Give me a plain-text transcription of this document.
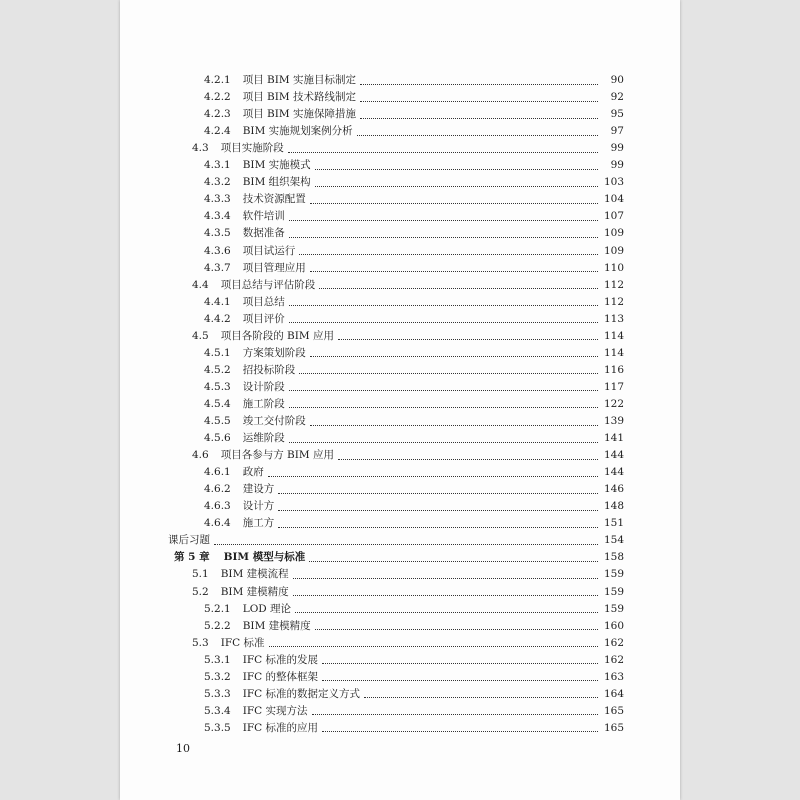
4.2.1 项目 BIM 实施目标制定	90
4.2.2 项目 BIM 技术路线制定	92
4.2.3 项目 BIM 实施保障措施	95
4.2.4 BIM 实施规划案例分析	97
4.3 项目实施阶段	99
4.3.1 BIM 实施模式	99
4.3.2 BIM 组织架构	103
4.3.3 技术资源配置	104
4.3.4 软件培训	107
4.3.5 数据准备	109
4.3.6 项目试运行	109
4.3.7 项目管理应用	110
4.4 项目总结与评估阶段	112
4.4.1 项目总结	112
4.4.2 项目评价	113
4.5 项目各阶段的 BIM 应用	114
4.5.1 方案策划阶段	114
4.5.2 招投标阶段	116
4.5.3 设计阶段	117
4.5.4 施工阶段	122
4.5.5 竣工交付阶段	139
4.5.6 运维阶段	141
4.6 项目各参与方 BIM 应用	144
4.6.1 政府	144
4.6.2 建设方	146
4.6.3 设计方	148
4.6.4 施工方	151
课后习题	154
第 5 章 BIM 模型与标准	158
5.1 BIM 建模流程	159
5.2 BIM 建模精度	159
5.2.1 LOD 理论	159
5.2.2 BIM 建模精度	160
5.3 IFC 标准	162
5.3.1 IFC 标准的发展	162
5.3.2 IFC 的整体框架	163
5.3.3 IFC 标准的数据定义方式	164
5.3.4 IFC 实现方法	165
5.3.5 IFC 标准的应用	165
10
